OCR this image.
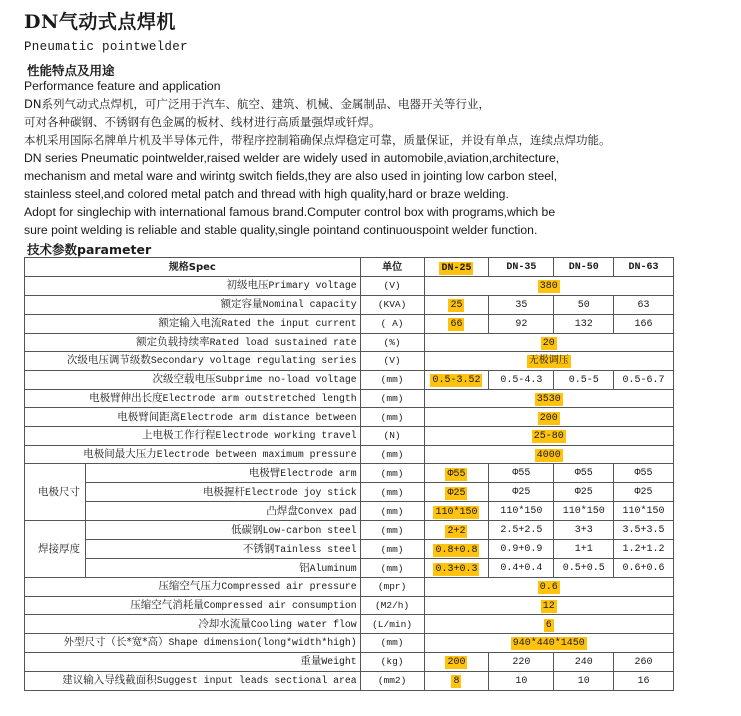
DN气动式点焊机
Pneumatic pointwelder
性能特点及用途
Performance feature and application
DN系列气动式点焊机，可广泛用于汽车、航空、建筑、机械、金属制品、电器开关等行业，
可对各种碳钢、不锈钢有色金属的板材、线材进行高质量强焊或钎焊。
本机采用国际名牌单片机及半导体元件，带程序控制箱确保点焊稳定可靠，质量保证，并设有单点，连续点焊功能。
DN series Pneumatic pointwelder,raised welder are widely used in automobile,aviation,architecture,
mechanism and metal ware and wirintg switch fields,they are also used in jointing low carbon steel,
stainless steel,and colored metal patch and thread with high quality,hard or braze welding.
Adopt for singlechip with international famous brand.Computer control box with programs,which be
sure point welding is reliable and stable quality,single pointand continuouspoint welder function.
技术参数parameter
规格Spec		单位	DN-25	DN-35	DN-50	DN-63
初级电压Primary voltage		(V)	380			
额定容量Nominal capacity		(KVA)	25	35	50	63
额定输入电流Rated the input current		( A)	66	92	132	166
额定负载持续率Rated load sustained rate		(%)	20			
次级电压调节级数Secondary voltage regulating series		(V)	无极调压			
次级空载电压Subprime no-load voltage		(mm)	0.5-3.52	0.5-4.3	0.5-5	0.5-6.7
电极臂伸出长度Electrode arm outstretched length		(mm)	3530			
电极臂间距离Electrode arm distance between		(mm)	200			
上电极工作行程Electrode working travel		(N)	25-80			
电极间最大压力Electrode between maximum pressure		(mm)	4000			
电极尺寸	电极臂Electrode arm	(mm)	Φ55	Φ55	Φ55	Φ55
	电极握杆Electrode joy stick	(mm)	Φ25	Φ25	Φ25	Φ25
	凸焊盘Convex pad	(mm)	110*150	110*150	110*150	110*150
焊接厚度	低碳钢Low-carbon steel	(mm)	2+2	2.5+2.5	3+3	3.5+3.5
	不锈钢Tainless steel	(mm)	0.8+0.8	0.9+0.9	1+1	1.2+1.2
	铝Aluminum	(mm)	0.3+0.3	0.4+0.4	0.5+0.5	0.6+0.6
压缩空气压力Compressed air pressure		(mpr)	0.6			
压缩空气消耗量Compressed air consumption		(M2/h)	12			
冷却水流量Cooling water flow		(L/min)	6			
外型尺寸（长*宽*高）Shape dimension(long*width*high)		(mm)	940*440*1450			
重量Weight		(kg)	200	220	240	260
建议输入导线截面积Suggest input leads sectional area		(mm2)	8	10	10	16
